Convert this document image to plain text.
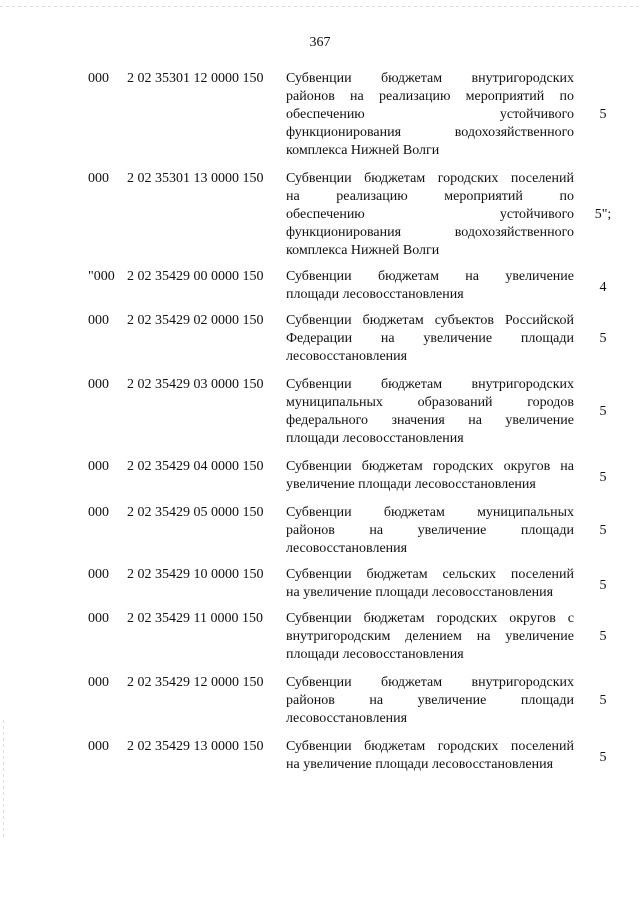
367
000 2 02 35301 12 0000 150 Субвенции бюджетам внутригородских
районов на реализацию мероприятий по
обеспечению устойчивого
функционирования водохозяйственного
комплекса Нижней Волги
5
000 2 02 35301 13 0000 150 Субвенции бюджетам городских поселений
на реализацию мероприятий по
обеспечению устойчивого
функционирования водохозяйственного
комплекса Нижней Волги
5";
"000 2 02 35429 00 0000 150 Субвенции бюджетам на увеличение
площади лесовосстановления	4
000 2 02 35429 02 0000 150 Субвенции бюджетам субъектов Российской
Федерации на увеличение площади
лесовосстановления
5
000 2 02 35429 03 0000 150 Субвенции бюджетам внутригородских
муниципальных образований городов
федерального значения на увеличение
площади лесовосстановления
5
000 2 02 35429 04 0000 150 Субвенции бюджетам городских округов на
увеличение площади лесовосстановления	5
000 2 02 35429 05 0000 150 Субвенции бюджетам муниципальных
районов на увеличение площади
лесовосстановления
5
000 2 02 35429 10 0000 150 Субвенции бюджетам сельских поселений
на увеличение площади лесовосстановления	5
000 2 02 35429 11 0000 150 Субвенции бюджетам городских округов с
внутригородским делением на увеличение
площади лесовосстановления
5
000 2 02 35429 12 0000 150 Субвенции бюджетам внутригородских
районов на увеличение площади
лесовосстановления
5
000 2 02 35429 13 0000 150 Субвенции бюджетам городских поселений
на увеличение площади лесовосстановления	5
